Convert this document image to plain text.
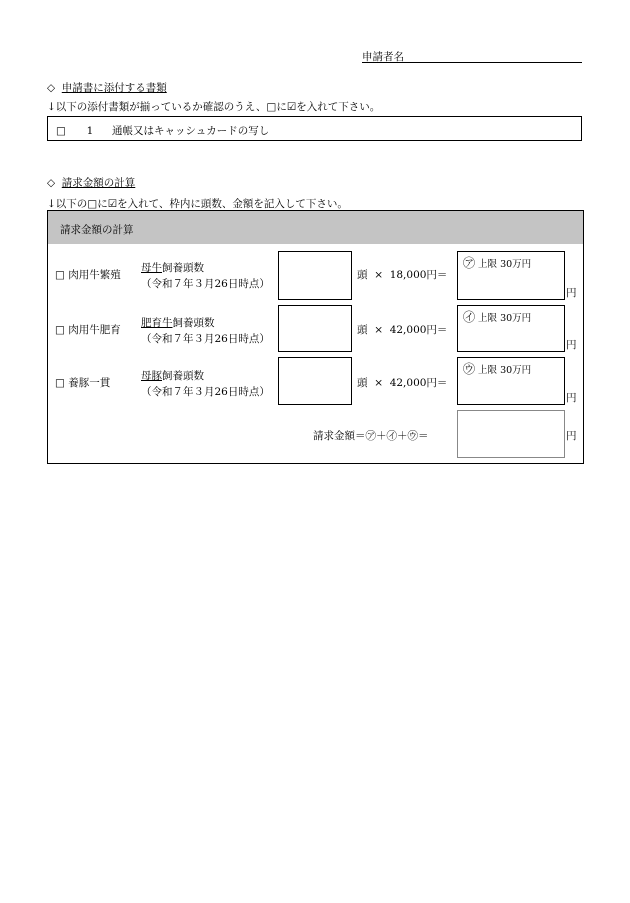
申請者名
◇ 申請書に添付する書類
↓以下の添付書類が揃っているか確認のうえ、□に☑を入れて下さい。
□ 1 通帳又はキャッシュカードの写し
◇ 請求金額の計算
↓以下の□に☑を入れて、枠内に頭数、金額を記入して下さい。
請求金額の計算
□ 肉用牛繁殖
母牛飼養頭数
（令和７年３月26日時点）
頭 × 18,000円＝
㋐ 上限 30万円
円
□ 肉用牛肥育
肥育牛飼養頭数
（令和７年３月26日時点）
頭 × 42,000円＝
㋑ 上限 30万円
円
□ 養豚一貫
母豚飼養頭数
（令和７年３月26日時点）
頭 × 42,000円＝
㋒ 上限 30万円
円
請求金額＝㋐＋㋑＋㋒＝	円
